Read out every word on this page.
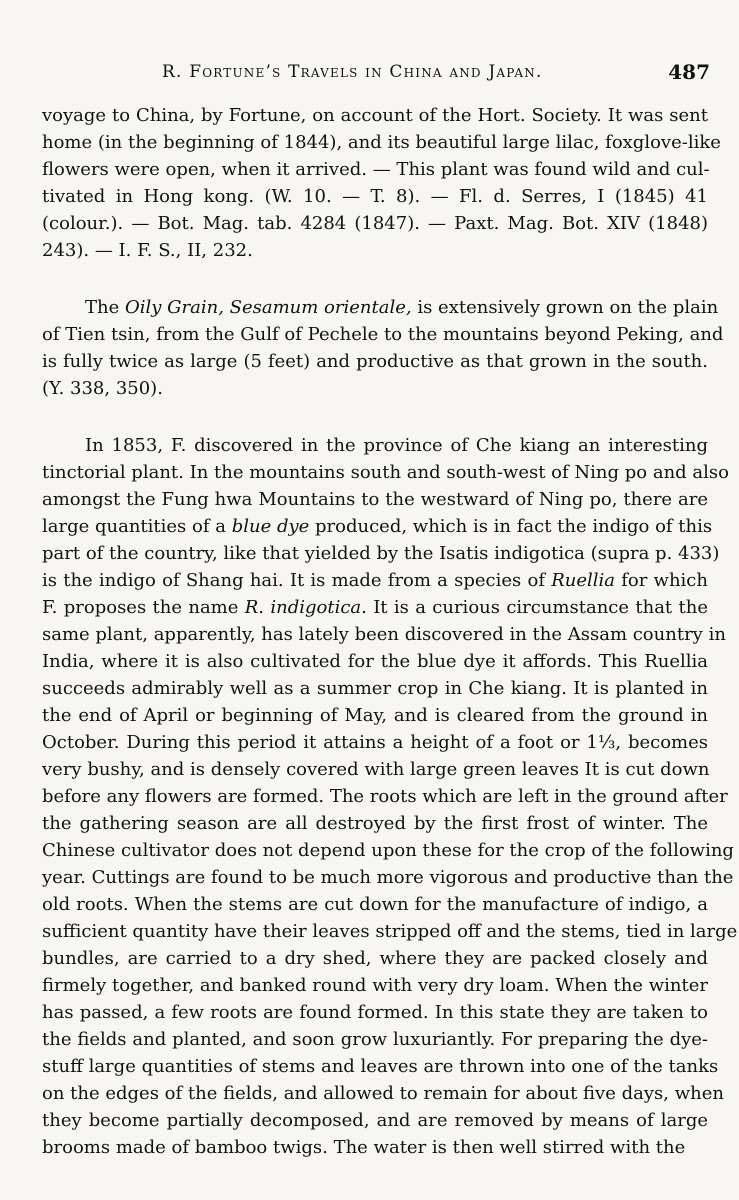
R. Fortune’s Travels in China and Japan.	487
voyage to China, by Fortune, on account of the Hort. Society. It was sent
home (in the beginning of 1844), and its beautiful large lilac, foxglove-like
flowers were open, when it arrived. — This plant was found wild and cul-
tivated in Hong kong. (W. 10. — T. 8). — Fl. d. Serres, I (1845) 41
(colour.). — Bot. Mag. tab. 4284 (1847). — Paxt. Mag. Bot. XIV (1848)
243). — I. F. S., II, 232.
The Oily Grain, Sesamum orientale, is extensively grown on the plain
of Tien tsin, from the Gulf of Pechele to the mountains beyond Peking, and
is fully twice as large (5 feet) and productive as that grown in the south.
(Y. 338, 350).
In 1853, F. discovered in the province of Che kiang an interesting
tinctorial plant. In the mountains south and south-west of Ning po and also
amongst the Fung hwa Mountains to the westward of Ning po, there are
large quantities of a blue dye produced, which is in fact the indigo of this
part of the country, like that yielded by the Isatis indigotica (supra p. 433)
is the indigo of Shang hai. It is made from a species of Ruellia for which
F. proposes the name R. indigotica. It is a curious circumstance that the
same plant, apparently, has lately been discovered in the Assam country in
India, where it is also cultivated for the blue dye it affords. This Ruellia
succeeds admirably well as a summer crop in Che kiang. It is planted in
the end of April or beginning of May, and is cleared from the ground in
October. During this period it attains a height of a foot or 1⅓, becomes
very bushy, and is densely covered with large green leaves It is cut down
before any flowers are formed. The roots which are left in the ground after
the gathering season are all destroyed by the first frost of winter. The
Chinese cultivator does not depend upon these for the crop of the following
year. Cuttings are found to be much more vigorous and productive than the
old roots. When the stems are cut down for the manufacture of indigo, a
sufficient quantity have their leaves stripped off and the stems, tied in large
bundles, are carried to a dry shed, where they are packed closely and
firmely together, and banked round with very dry loam. When the winter
has passed, a few roots are found formed. In this state they are taken to
the fields and planted, and soon grow luxuriantly. For preparing the dye-
stuff large quantities of stems and leaves are thrown into one of the tanks
on the edges of the fields, and allowed to remain for about five days, when
they become partially decomposed, and are removed by means of large
brooms made of bamboo twigs. The water is then well stirred with the
